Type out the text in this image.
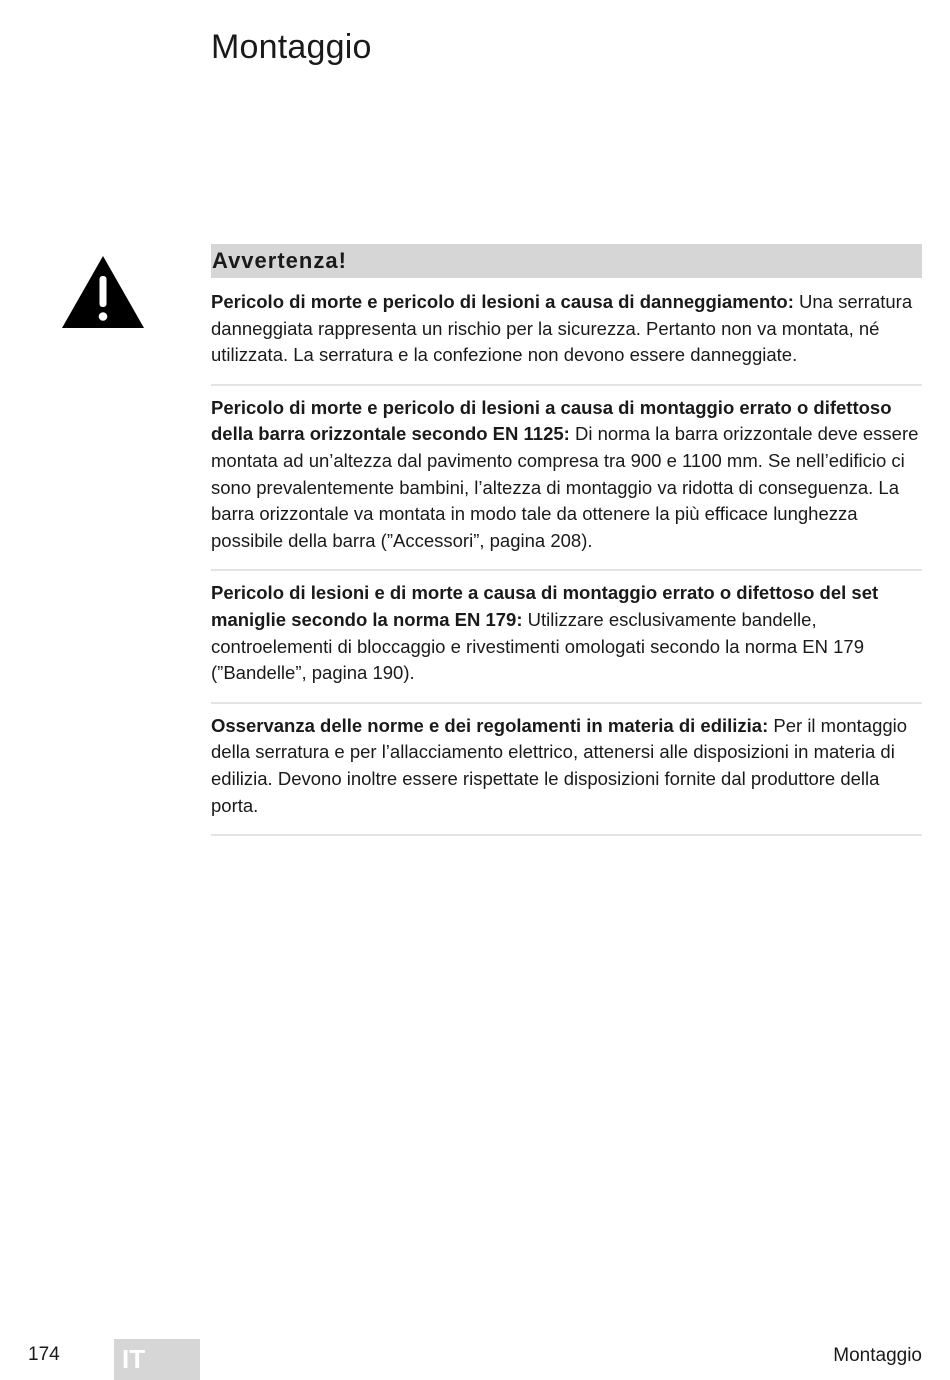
Montaggio
Avvertenza!
Pericolo di morte e pericolo di lesioni a causa di danneggiamento: Una serratura danneggiata rappresenta un rischio per la sicurezza. Pertanto non va montata, né utilizzata. La serratura e la confezione non devono essere danneggiate.
Pericolo di morte e pericolo di lesioni a causa di montaggio errato o difettoso della barra orizzontale secondo EN 1125: Di norma la barra orizzontale deve essere montata ad un’altezza dal pavimento compresa tra 900 e 1100 mm. Se nell’edificio ci sono prevalentemente bambini, l’altezza di montaggio va ridotta di conseguenza. La barra orizzontale va montata in modo tale da ottenere la più efficace lunghezza possibile della barra (”Accessori”, pagina 208).
Pericolo di lesioni e di morte a causa di montaggio errato o difettoso del set maniglie secondo la norma EN 179: Utilizzare esclusivamente bandelle, controelementi di bloccaggio e rivestimenti omologati secondo la norma EN 179 (”Bandelle”, pagina 190).
Osservanza delle norme e dei regolamenti in materia di edilizia: Per il montaggio della serratura e per l’allacciamento elettrico, attenersi alle disposizioni in materia di edilizia. Devono inoltre essere rispettate le disposizioni fornite dal produttore della porta.
174	IT	Montaggio
